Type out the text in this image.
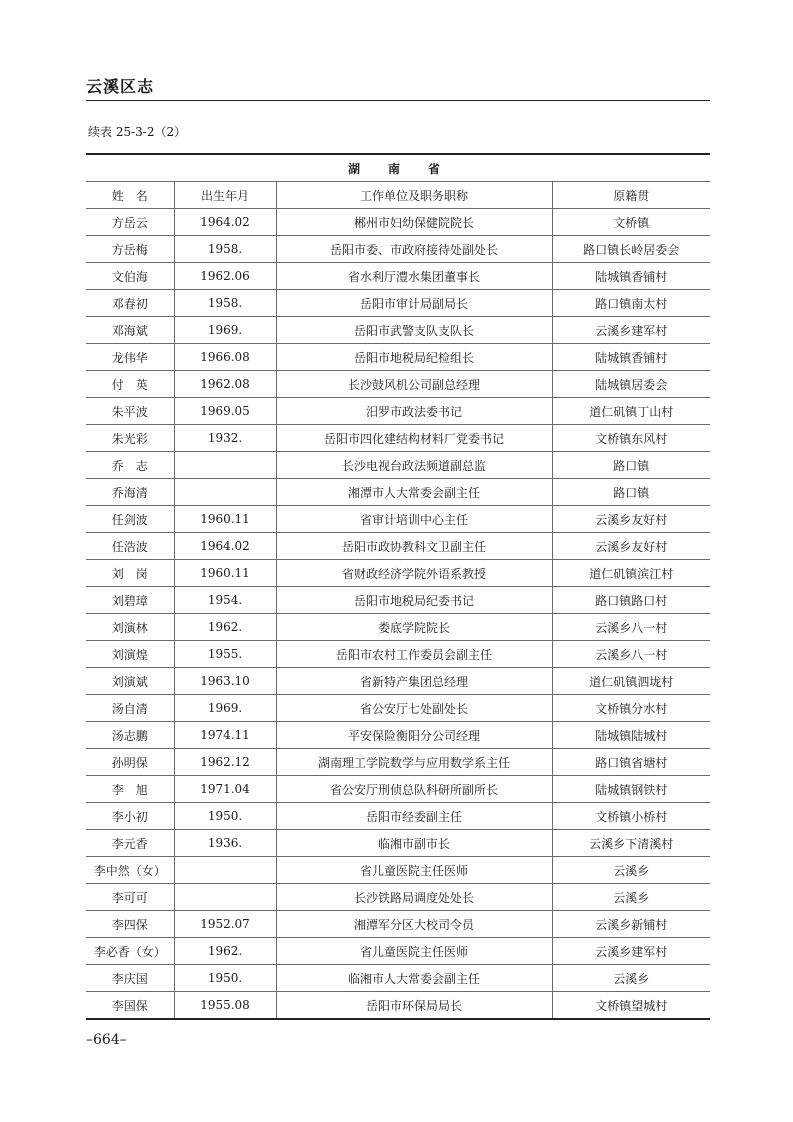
云溪区志
续表 25-3-2（2）
湖　南　省			
姓　名	出生年月	工作单位及职务职称	原籍贯
方岳云	1964.02	郴州市妇幼保健院院长	文桥镇
方岳梅	1958.	岳阳市委、市政府接待处副处长	路口镇长岭居委会
文伯海	1962.06	省水利厅澧水集团董事长	陆城镇香铺村
邓春初	1958.	岳阳市审计局副局长	路口镇南太村
邓海斌	1969.	岳阳市武警支队支队长	云溪乡建军村
龙伟华	1966.08	岳阳市地税局纪检组长	陆城镇香铺村
付　英	1962.08	长沙鼓风机公司副总经理	陆城镇居委会
朱平波	1969.05	汨罗市政法委书记	道仁矶镇丁山村
朱光彩	1932.	岳阳市四化建结构材料厂党委书记	文桥镇东风村
乔　志		长沙电视台政法频道副总监	路口镇
乔海清		湘潭市人大常委会副主任	路口镇
任剑波	1960.11	省审计培训中心主任	云溪乡友好村
任浩波	1964.02	岳阳市政协教科文卫副主任	云溪乡友好村
刘　岗	1960.11	省财政经济学院外语系教授	道仁矶镇滨江村
刘碧璋	1954.	岳阳市地税局纪委书记	路口镇路口村
刘演林	1962.	娄底学院院长	云溪乡八一村
刘演煌	1955.	岳阳市农村工作委员会副主任	云溪乡八一村
刘演斌	1963.10	省新特产集团总经理	道仁矶镇泗垅村
汤自清	1969.	省公安厅七处副处长	文桥镇分水村
汤志鹏	1974.11	平安保险衡阳分公司经理	陆城镇陆城村
孙明保	1962.12	湖南理工学院数学与应用数学系主任	路口镇省塘村
李　旭	1971.04	省公安厅刑侦总队科研所副所长	陆城镇钢铁村
李小初	1950.	岳阳市经委副主任	文桥镇小桥村
李元香	1936.	临湘市副市长	云溪乡下清溪村
李中然（女）		省儿童医院主任医师	云溪乡
李可可		长沙铁路局调度处处长	云溪乡
李四保	1952.07	湘潭军分区大校司令员	云溪乡新铺村
李必香（女）	1962.	省儿童医院主任医师	云溪乡建军村
李庆国	1950.	临湘市人大常委会副主任	云溪乡
李国保	1955.08	岳阳市环保局局长	文桥镇望城村
–664–
